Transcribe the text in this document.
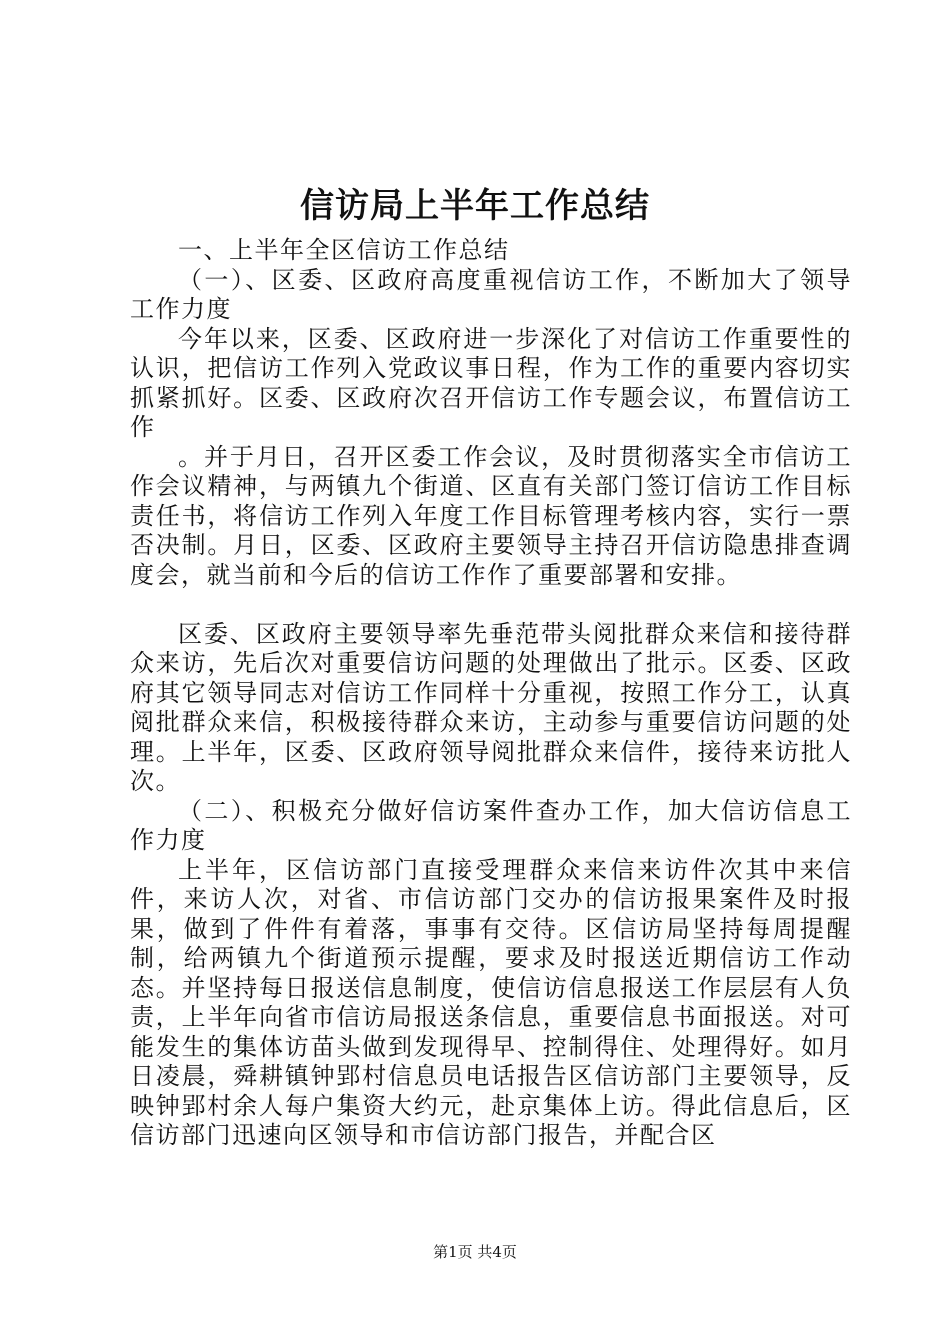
信访局上半年工作总结

一、上半年全区信访工作总结

（一）、区委、区政府高度重视信访工作，不断加大了领导工作力度

今年以来，区委、区政府进一步深化了对信访工作重要性的认识，把信访工作列入党政议事日程，作为工作的重要内容切实抓紧抓好。区委、区政府次召开信访工作专题会议，布置信访工作

。并于月日，召开区委工作会议，及时贯彻落实全市信访工作会议精神，与两镇九个街道、区直有关部门签订信访工作目标责任书，将信访工作列入年度工作目标管理考核内容，实行一票否决制。月日，区委、区政府主要领导主持召开信访隐患排查调度会，就当前和今后的信访工作作了重要部署和安排。

区委、区政府主要领导率先垂范带头阅批群众来信和接待群众来访，先后次对重要信访问题的处理做出了批示。区委、区政府其它领导同志对信访工作同样十分重视，按照工作分工，认真阅批群众来信，积极接待群众来访，主动参与重要信访问题的处理。上半年，区委、区政府领导阅批群众来信件，接待来访批人次。

（二）、积极充分做好信访案件查办工作，加大信访信息工作力度

上半年，区信访部门直接受理群众来信来访件次其中来信件，来访人次，对省、市信访部门交办的信访报果案件及时报果，做到了件件有着落，事事有交待。区信访局坚持每周提醒制，给两镇九个街道预示提醒，要求及时报送近期信访工作动态。并坚持每日报送信息制度，使信访信息报送工作层层有人负责，上半年向省市信访局报送条信息，重要信息书面报送。对可能发生的集体访苗头做到发现得早、控制得住、处理得好。如月日凌晨，舜耕镇钟郢村信息员电话报告区信访部门主要领导，反映钟郢村余人每户集资大约元，赴京集体上访。得此信息后，区信访部门迅速向区领导和市信访部门报告，并配合区

第1页 共4页
